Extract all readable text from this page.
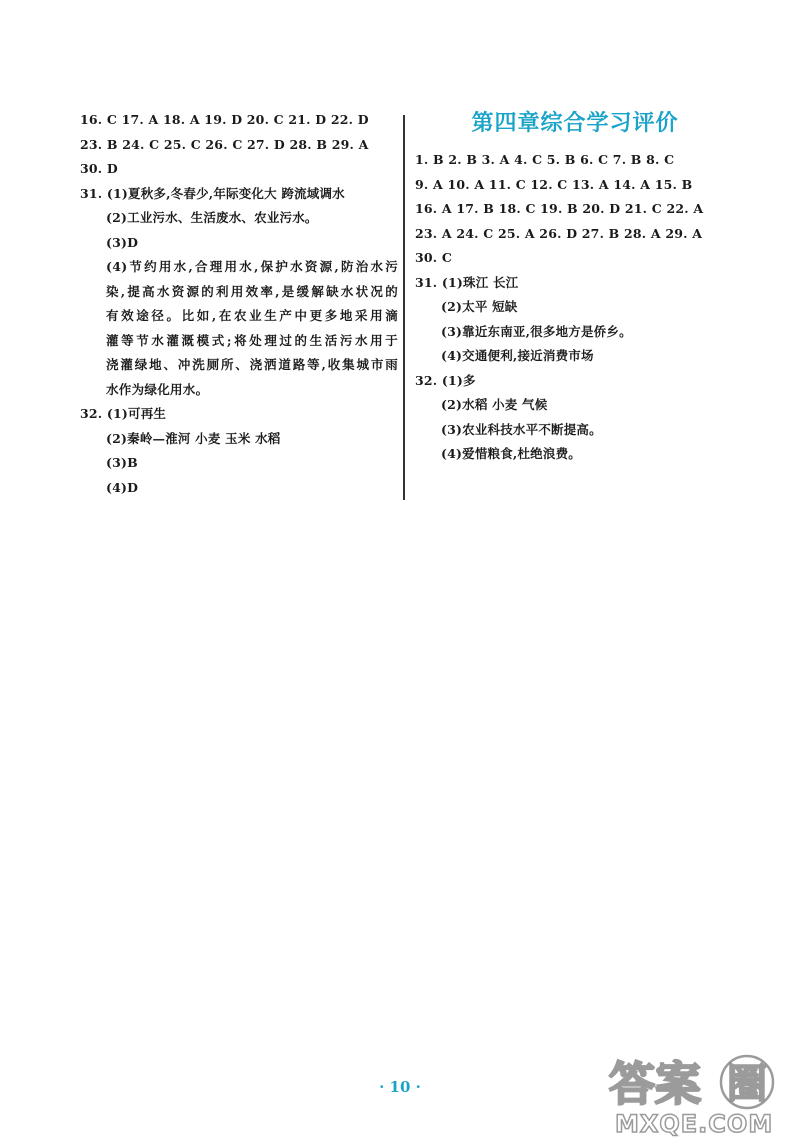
16. C 17. A 18. A 19. D 20. C 21. D 22. D
23. B 24. C 25. C 26. C 27. D 28. B 29. A
30. D
31. (1)夏秋多,冬春少,年际变化大 跨流域调水
(2)工业污水、生活废水、农业污水。
(3)D
(4)节约用水,合理用水,保护水资源,防治水污
染,提高水资源的利用效率,是缓解缺水状况的
有效途径。比如,在农业生产中更多地采用滴
灌等节水灌溉模式;将处理过的生活污水用于
浇灌绿地、冲洗厕所、浇洒道路等,收集城市雨
水作为绿化用水。
32. (1)可再生
(2)秦岭—淮河 小麦 玉米 水稻
(3)B
(4)D
第四章综合学习评价
1. B 2. B 3. A 4. C 5. B 6. C 7. B 8. C
9. A 10. A 11. C 12. C 13. A 14. A 15. B
16. A 17. B 18. C 19. B 20. D 21. C 22. A
23. A 24. C 25. A 26. D 27. B 28. A 29. A
30. C
31. (1)珠江 长江
(2)太平 短缺
(3)靠近东南亚,很多地方是侨乡。
(4)交通便利,接近消费市场
32. (1)多
(2)水稻 小麦 气候
(3)农业科技水平不断提高。
(4)爱惜粮食,杜绝浪费。
· 10 ·	答案 圈
MXQE.COM
